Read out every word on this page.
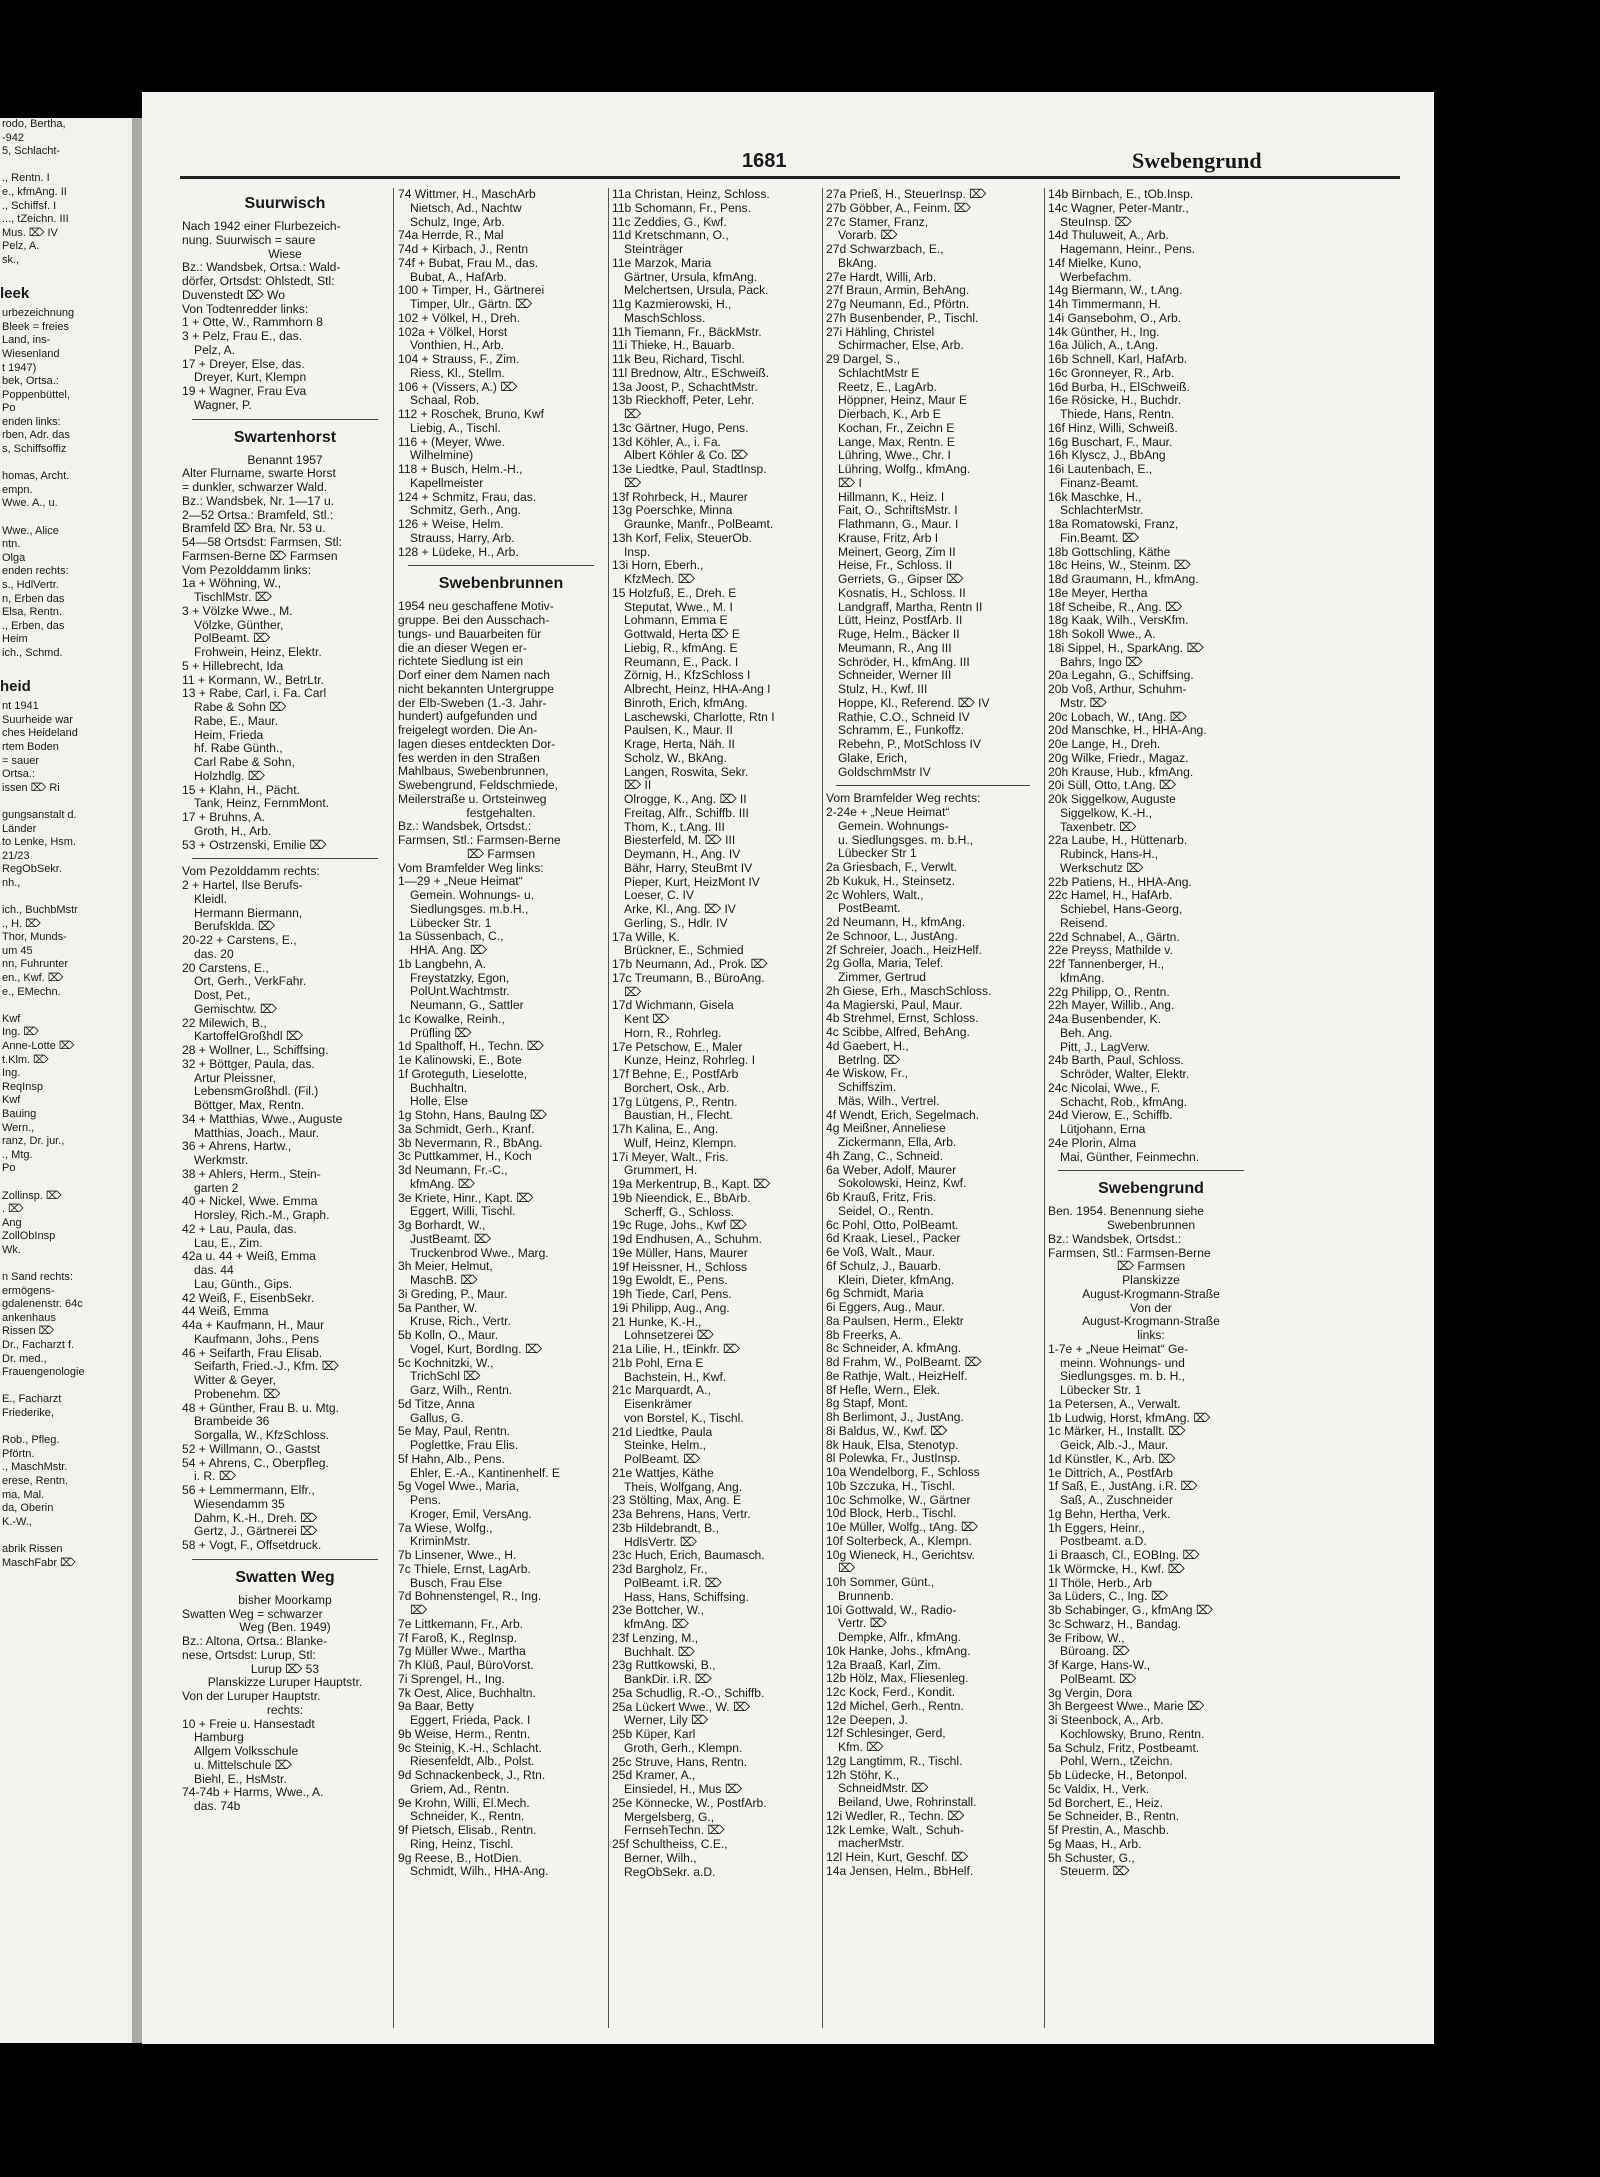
rodo, Bertha,
-942
5, Schlacht-

., Rentn. I
e., kfmAng. II
., Schiffsf. I
..., tZeichn. III
Mus. ⌦ IV
Pelz, A.
sk.,

leek
urbezeichnung
Bleek = freies
Land, ins-
Wiesenland
t 1947)
bek, Ortsa.:
Poppenbüttel,
Po
enden links:
rben, Adr. das
s, Schiffsoffiz

homas, Archt.
empn.
Wwe. A., u.

Wwe., Alice
ntn.
Olga
enden rechts:
s., HdlVertr.
n, Erben das
Elsa, Rentn.
., Erben, das
Heim
ich., Schmd.

heid
nt 1941
Suurheide war
ches Heideland
rtem Boden
= sauer
Ortsa.:
issen ⌦ Ri

gungsanstalt d.
Länder
to Lenke, Hsm.
21/23
RegObSekr.
nh.,

ich., BuchbMstr
., H. ⌦
Thor, Munds-
um 45
nn, Fuhrunter
en., Kwf. ⌦
e., EMechn.

Kwf
Ing. ⌦
Anne-Lotte ⌦
t.Klm. ⌦
Ing.
ReqInsp
Kwf
Bauing
Wern.,
ranz, Dr. jur.,
., Mtg.
Po

Zollinsp. ⌦
. ⌦
Ang
ZollObInsp
Wk.

n Sand rechts:
ermögens-
gdalenenstr. 64c
ankenhaus
Rissen ⌦
Dr., Facharzt f.
Dr. med.,
Frauengenologie

E., Facharzt
Friederike,

Rob., Pfleg.
Pförtn.
., MaschMstr.
erese, Rentn.
ma, Mal.
da, Oberin
K.-W.,

abrik Rissen
MaschFabr ⌦
1681	Swebengrund
Suurwisch
Nach 1942 einer Flurbezeich-
nung. Suurwisch = saure
Wiese
Bz.: Wandsbek, Ortsa.: Wald-
dörfer, Ortsdst: Ohlstedt, Stl:
Duvenstedt ⌦ Wo
Von Todtenredder links:
1 + Otte, W., Rammhorn 8
3 + Pelz, Frau E., das.
Pelz, A.
17 + Dreyer, Else, das.
Dreyer, Kurt, Klempn
19 + Wagner, Frau Eva
Wagner, P.
Swartenhorst
Benannt 1957
Alter Flurname, swarte Horst
= dunkler, schwarzer Wald.
Bz.: Wandsbek, Nr. 1—17 u.
2—52 Ortsa.: Bramfeld, Stl.:
Bramfeld ⌦ Bra. Nr. 53 u.
54—58 Ortsdst: Farmsen, Stl:
Farmsen-Berne ⌦ Farmsen
Vom Pezolddamm links:
1a + Wöhning, W.,
TischlMstr. ⌦
3 + Völzke Wwe., M.
Völzke, Günther,
PolBeamt. ⌦
Frohwein, Heinz, Elektr.
5 + Hillebrecht, Ida
11 + Kormann, W., BetrLtr.
13 + Rabe, Carl, i. Fa. Carl
Rabe & Sohn ⌦
Rabe, E., Maur.
Heim, Frieda
hf. Rabe Günth.,
Carl Rabe & Sohn,
Holzhdlg. ⌦
15 + Klahn, H., Pächt.
Tank, Heinz, FernmMont.
17 + Bruhns, A.
Groth, H., Arb.
53 + Ostrzenski, Emilie ⌦
Vom Pezolddamm rechts:
2 + Hartel, Ilse Berufs-
Kleidl.
Hermann Biermann,
Berufsklda. ⌦
20-22 + Carstens, E.,
das. 20
20 Carstens, E.,
Ort, Gerh., VerkFahr.
Dost, Pet.,
Gemischtw. ⌦
22 Milewich, B.,
KartoffelGroßhdl ⌦
28 + Wollner, L., Schiffsing.
32 + Böttger, Paula, das.
Artur Pleissner,
LebensmGroßhdl. (Fil.)
Böttger, Max, Rentn.
34 + Matthias, Wwe., Auguste
Matthias, Joach., Maur.
36 + Ahrens, Hartw.,
Werkmstr.
38 + Ahlers, Herm., Stein-
garten 2
40 + Nickel, Wwe. Emma
Horsley, Rich.-M., Graph.
42 + Lau, Paula, das.
Lau, E., Zim.
42a u. 44 + Weiß, Emma
das. 44
Lau, Günth., Gips.
42 Weiß, F., EisenbSekr.
44 Weiß, Emma
44a + Kaufmann, H., Maur
Kaufmann, Johs., Pens
46 + Seifarth, Frau Elisab.
Seifarth, Fried.-J., Kfm. ⌦
Witter & Geyer,
Probenehm. ⌦
48 + Günther, Frau B. u. Mtg.
Brambeide 36
Sorgalla, W., KfzSchloss.
52 + Willmann, O., Gastst
54 + Ahrens, C., Oberpfleg.
i. R. ⌦
56 + Lemmermann, Elfr.,
Wiesendamm 35
Dahm, K.-H., Dreh. ⌦
Gertz, J., Gärtnerei ⌦
58 + Vogt, F., Offsetdruck.
Swatten Weg
bisher Moorkamp
Swatten Weg = schwarzer
Weg (Ben. 1949)
Bz.: Altona, Ortsa.: Blanke-
nese, Ortsdst: Lurup, Stl:
Lurup ⌦ 53
Planskizze Luruper Hauptstr.
Von der Luruper Hauptstr.
rechts:
10 + Freie u. Hansestadt
Hamburg
Allgem Volksschule
u. Mittelschule ⌦
Biehl, E., HsMstr.
74-74b + Harms, Wwe., A.
das. 74b
74 Wittmer, H., MaschArb
Nietsch, Ad., Nachtw
Schulz, Inge, Arb.
74a Herrde, R., Mal
74d + Kirbach, J., Rentn
74f + Bubat, Frau M., das.
Bubat, A., HafArb.
100 + Timper, H., Gärtnerei
Timper, Ulr., Gärtn. ⌦
102 + Völkel, H., Dreh.
102a + Völkel, Horst
Vonthien, H., Arb.
104 + Strauss, F., Zim.
Riess, Kl., Stellm.
106 + (Vissers, A.) ⌦
Schaal, Rob.
112 + Roschek, Bruno, Kwf
Liebig, A., Tischl.
116 + (Meyer, Wwe.
Wilhelmine)
118 + Busch, Helm.-H.,
Kapellmeister
124 + Schmitz, Frau, das.
Schmitz, Gerh., Ang.
126 + Weise, Helm.
Strauss, Harry, Arb.
128 + Lüdeke, H., Arb.
Swebenbrunnen
1954 neu geschaffene Motiv-
gruppe. Bei den Ausschach-
tungs- und Bauarbeiten für
die an dieser Wegen er-
richtete Siedlung ist ein
Dorf einer dem Namen nach
nicht bekannten Untergruppe
der Elb-Sweben (1.-3. Jahr-
hundert) aufgefunden und
freigelegt worden. Die An-
lagen dieses entdeckten Dor-
fes werden in den Straßen
Mahlbaus, Swebenbrunnen,
Swebengrund, Feldschmiede,
Meilerstraße u. Ortsteinweg
festgehalten.
Bz.: Wandsbek, Ortsdst.:
Farmsen, Stl.: Farmsen-Berne
⌦ Farmsen
Vom Bramfelder Weg links:
1—29 + „Neue Heimat“
Gemein. Wohnungs- u.
Siedlungsges. m.b.H.,
Lübecker Str. 1
1a Süssenbach, C.,
HHA. Ang. ⌦
1b Langbehn, A.
Freystatzky, Egon,
PolUnt.Wachtmstr.
Neumann, G., Sattler
1c Kowalke, Reinh.,
Prüfling ⌦
1d Spalthoff, H., Techn. ⌦
1e Kalinowski, E., Bote
1f Groteguth, Lieselotte,
Buchhaltn.
Holle, Else
1g Stohn, Hans, BauIng ⌦
3a Schmidt, Gerh., Kranf.
3b Nevermann, R., BbAng.
3c Puttkammer, H., Koch
3d Neumann, Fr.-C.,
kfmAng. ⌦
3e Kriete, Hinr., Kapt. ⌦
Eggert, Willi, Tischl.
3g Borhardt, W.,
JustBeamt. ⌦
Truckenbrod Wwe., Marg.
3h Meier, Helmut,
MaschB. ⌦
3i Greding, P., Maur.
5a Panther, W.
Kruse, Rich., Vertr.
5b Kolln, O., Maur.
Vogel, Kurt, BordIng. ⌦
5c Kochnitzki, W.,
TrichSchl ⌦
Garz, Wilh., Rentn.
5d Titze, Anna
Gallus, G.
5e May, Paul, Rentn.
Poglettke, Frau Elis.
5f Hahn, Alb., Pens.
Ehler, E.-A., Kantinenhelf. E
5g Vogel Wwe., Maria,
Pens.
Kroger, Emil, VersAng.
7a Wiese, Wolfg.,
KriminMstr.
7b Linsener, Wwe., H.
7c Thiele, Ernst, LagArb.
Busch, Frau Else
7d Bohnenstengel, R., Ing.
⌦
7e Littkemann, Fr., Arb.
7f Faroß, K., RegInsp.
7g Müller Wwe., Martha
7h Klüß, Paul, BüroVorst.
7i Sprengel, H., Ing.
7k Oest, Alice, Buchhaltn.
9a Baar, Betty
Eggert, Frieda, Pack. I
9b Weise, Herm., Rentn.
9c Steinig, K.-H., Schlacht.
Riesenfeldt, Alb., Polst.
9d Schnackenbeck, J., Rtn.
Griem, Ad., Rentn.
9e Krohn, Willi, El.Mech.
Schneider, K., Rentn.
9f Pietsch, Elisab., Rentn.
Ring, Heinz, Tischl.
9g Reese, B., HotDien.
Schmidt, Wilh., HHA-Ang.
11a Christan, Heinz, Schloss.
11b Schomann, Fr., Pens.
11c Zeddies, G., Kwf.
11d Kretschmann, O.,
Steinträger
11e Marzok, Maria
Gärtner, Ursula, kfmAng.
Melchertsen, Ursula, Pack.
11g Kazmierowski, H.,
MaschSchloss.
11h Tiemann, Fr., BäckMstr.
11i Thieke, H., Bauarb.
11k Beu, Richard, Tischl.
11l Brednow, Altr., ESchweiß.
13a Joost, P., SchachtMstr.
13b Rieckhoff, Peter, Lehr.
⌦
13c Gärtner, Hugo, Pens.
13d Köhler, A., i. Fa.
Albert Köhler & Co. ⌦
13e Liedtke, Paul, StadtInsp.
⌦
13f Rohrbeck, H., Maurer
13g Poerschke, Minna
Graunke, Manfr., PolBeamt.
13h Korf, Felix, SteuerOb.
Insp.
13i Horn, Eberh.,
KfzMech. ⌦
15 Holzfuß, E., Dreh. E
Steputat, Wwe., M. I
Lohmann, Emma E
Gottwald, Herta ⌦ E
Liebig, R., kfmAng. E
Reumann, E., Pack. I
Zörnig, H., KfzSchloss I
Albrecht, Heinz, HHA-Ang I
Binroth, Erich, kfmAng.
Laschewski, Charlotte, Rtn I
Paulsen, K., Maur. II
Krage, Herta, Näh. II
Scholz, W., BkAng.
Langen, Roswita, Sekr.
⌦ II
Olrogge, K., Ang. ⌦ II
Freitag, Alfr., Schiffb. III
Thom, K., t.Ang. III
Biesterfeld, M. ⌦ III
Deymann, H., Ang. IV
Bähr, Harry, SteuBmt IV
Pieper, Kurt, HeizMont IV
Loeser, C. IV
Arke, Kl., Ang. ⌦ IV
Gerling, S., Hdlr. IV
17a Wille, K.
Brückner, E., Schmied
17b Neumann, Ad., Prok. ⌦
17c Treumann, B., BüroAng.
⌦
17d Wichmann, Gisela
Kent ⌦
Horn, R., Rohrleg.
17e Petschow, E., Maler
Kunze, Heinz, Rohrleg. I
17f Behne, E., PostfArb
Borchert, Osk., Arb.
17g Lütgens, P., Rentn.
Baustian, H., Flecht.
17h Kalina, E., Ang.
Wulf, Heinz, Klempn.
17i Meyer, Walt., Fris.
Grummert, H.
19a Merkentrup, B., Kapt. ⌦
19b Nieendick, E., BbArb.
Scherff, G., Schloss.
19c Ruge, Johs., Kwf ⌦
19d Endhusen, A., Schuhm.
19e Müller, Hans, Maurer
19f Heissner, H., Schloss
19g Ewoldt, E., Pens.
19h Tiede, Carl, Pens.
19i Philipp, Aug., Ang.
21 Hunke, K.-H.,
Lohnsetzerei ⌦
21a Lilie, H., tEinkfr. ⌦
21b Pohl, Erna E
Bachstein, H., Kwf.
21c Marquardt, A.,
Eisenkrämer
von Borstel, K., Tischl.
21d Liedtke, Paula
Steinke, Helm.,
PolBeamt. ⌦
21e Wattjes, Käthe
Theis, Wolfgang, Ang.
23 Stölting, Max, Ang. E
23a Behrens, Hans, Vertr.
23b Hildebrandt, B.,
HdlsVertr. ⌦
23c Huch, Erich, Baumasch.
23d Bargholz, Fr.,
PolBeamt. i.R. ⌦
Hass, Hans, Schiffsing.
23e Bottcher, W.,
kfmAng. ⌦
23f Lenzing, M.,
Buchhalt. ⌦
23g Ruttkowski, B.,
BankDir. i.R. ⌦
25a Schudlig, R.-O., Schiffb.
25a Lückert Wwe., W. ⌦
Werner, Lily ⌦
25b Küper, Karl
Groth, Gerh., Klempn.
25c Struve, Hans, Rentn.
25d Kramer, A.,
Einsiedel, H., Mus ⌦
25e Könnecke, W., PostfArb.
Mergelsberg, G.,
FernsehTechn. ⌦
25f Schultheiss, C.E.,
Berner, Wilh.,
RegObSekr. a.D.
27a Prieß, H., SteuerInsp. ⌦
27b Göbber, A., Feinm. ⌦
27c Stamer, Franz,
Vorarb. ⌦
27d Schwarzbach, E.,
BkAng.
27e Hardt, Willi, Arb.
27f Braun, Armin, BehAng.
27g Neumann, Ed., Pförtn.
27h Busenbender, P., Tischl.
27i Hähling, Christel
Schirmacher, Else, Arb.
29 Dargel, S.,
SchlachtMstr E
Reetz, E., LagArb.
Höppner, Heinz, Maur E
Dierbach, K., Arb E
Kochan, Fr., Zeichn E
Lange, Max, Rentn. E
Lühring, Wwe., Chr. I
Lühring, Wolfg., kfmAng.
⌦ I
Hillmann, K., Heiz. I
Fait, O., SchriftsMstr. I
Flathmann, G., Maur. I
Krause, Fritz, Arb I
Meinert, Georg, Zim II
Heise, Fr., Schloss. II
Gerriets, G., Gipser ⌦
Kosnatis, H., Schloss. II
Landgraff, Martha, Rentn II
Lütt, Heinz, PostfArb. II
Ruge, Helm., Bäcker II
Meumann, R., Ang III
Schröder, H., kfmAng. III
Schneider, Werner III
Stulz, H., Kwf. III
Hoppe, Kl., Referend. ⌦ IV
Rathie, C.O., Schneid IV
Schramm, E., Funkoffz.
Rebehn, P., MotSchloss IV
Glake, Erich,
GoldschmMstr IV
Vom Bramfelder Weg rechts:
2-24e + „Neue Heimat“
Gemein. Wohnungs-
u. Siedlungsges. m. b.H.,
Lübecker Str 1
2a Griesbach, F., Verwlt.
2b Kukuk, H., Steinsetz.
2c Wohlers, Walt.,
PostBeamt.
2d Neumann, H., kfmAng.
2e Schnoor, L., JustAng.
2f Schreier, Joach., HeizHelf.
2g Golla, Maria, Telef.
Zimmer, Gertrud
2h Giese, Erh., MaschSchloss.
4a Magierski, Paul, Maur.
4b Strehmel, Ernst, Schloss.
4c Scibbe, Alfred, BehAng.
4d Gaebert, H.,
Betrlng. ⌦
4e Wiskow, Fr.,
Schiffszim.
Mäs, Wilh., Vertrel.
4f Wendt, Erich, Segelmach.
4g Meißner, Anneliese
Zickermann, Ella, Arb.
4h Zang, C., Schneid.
6a Weber, Adolf, Maurer
Sokolowski, Heinz, Kwf.
6b Krauß, Fritz, Fris.
Seidel, O., Rentn.
6c Pohl, Otto, PolBeamt.
6d Kraak, Liesel., Packer
6e Voß, Walt., Maur.
6f Schulz, J., Bauarb.
Klein, Dieter, kfmAng.
6g Schmidt, Maria
6i Eggers, Aug., Maur.
8a Paulsen, Herm., Elektr
8b Freerks, A.
8c Schneider, A. kfmAng.
8d Frahm, W., PolBeamt. ⌦
8e Rathje, Walt., HeizHelf.
8f Hefle, Wern., Elek.
8g Stapf, Mont.
8h Berlimont, J., JustAng.
8i Baldus, W., Kwf. ⌦
8k Hauk, Elsa, Stenotyp.
8l Polewka, Fr., JustInsp.
10a Wendelborg, F., Schloss
10b Szczuka, H., Tischl.
10c Schmolke, W., Gärtner
10d Block, Herb., Tischl.
10e Müller, Wolfg., tAng. ⌦
10f Solterbeck, A., Klempn.
10g Wieneck, H., Gerichtsv.
⌦
10h Sommer, Günt.,
Brunnenb.
10i Gottwald, W., Radio-
Vertr. ⌦
Dempke, Alfr., kfmAng.
10k Hanke, Johs., kfmAng.
12a Braaß, Karl, Zim.
12b Hölz, Max, Fliesenleg.
12c Kock, Ferd., Kondit.
12d Michel, Gerh., Rentn.
12e Deepen, J.
12f Schlesinger, Gerd,
Kfm. ⌦
12g Langtimm, R., Tischl.
12h Stöhr, K.,
SchneidMstr. ⌦
Beiland, Uwe, Rohrinstall.
12i Wedler, R., Techn. ⌦
12k Lemke, Walt., Schuh-
macherMstr.
12l Hein, Kurt, Geschf. ⌦
14a Jensen, Helm., BbHelf.
14b Birnbach, E., tOb.Insp.
14c Wagner, Peter-Mantr.,
SteuInsp. ⌦
14d Thuluweit, A., Arb.
Hagemann, Heinr., Pens.
14f Mielke, Kuno,
Werbefachm.
14g Biermann, W., t.Ang.
14h Timmermann, H.
14i Gansebohm, O., Arb.
14k Günther, H., Ing.
16a Jülich, A., t.Ang.
16b Schnell, Karl, HafArb.
16c Gronneyer, R., Arb.
16d Burba, H., ElSchweiß.
16e Rösicke, H., Buchdr.
Thiede, Hans, Rentn.
16f Hinz, Willi, Schweiß.
16g Buschart, F., Maur.
16h Klyscz, J., BbAng
16i Lautenbach, E.,
Finanz-Beamt.
16k Maschke, H.,
SchlachterMstr.
18a Romatowski, Franz,
Fin.Beamt. ⌦
18b Gottschling, Käthe
18c Heins, W., Steinm. ⌦
18d Graumann, H., kfmAng.
18e Meyer, Hertha
18f Scheibe, R., Ang. ⌦
18g Kaak, Wilh., VersKfm.
18h Sokoll Wwe., A.
18i Sippel, H., SparkAng. ⌦
Bahrs, Ingo ⌦
20a Legahn, G., Schiffsing.
20b Voß, Arthur, Schuhm-
Mstr. ⌦
20c Lobach, W., tAng. ⌦
20d Manschke, H., HHA-Ang.
20e Lange, H., Dreh.
20g Wilke, Friedr., Magaz.
20h Krause, Hub., kfmAng.
20i Süll, Otto, t.Ang. ⌦
20k Siggelkow, Auguste
Siggelkow, K.-H.,
Taxenbetr. ⌦
22a Laube, H., Hüttenarb.
Rubinck, Hans-H.,
Werkschutz ⌦
22b Patiens, H., HHA-Ang.
22c Hamel, H., HafArb.
Schiebel, Hans-Georg,
Reisend.
22d Schnabel, A., Gärtn.
22e Preyss, Mathilde v.
22f Tannenberger, H.,
kfmAng.
22g Philipp, O., Rentn.
22h Mayer, Willib., Ang.
24a Busenbender, K.
Beh. Ang.
Pitt, J., LagVerw.
24b Barth, Paul, Schloss.
Schröder, Walter, Elektr.
24c Nicolai, Wwe., F.
Schacht, Rob., kfmAng.
24d Vierow, E., Schiffb.
Lütjohann, Erna
24e Plorin, Alma
Mai, Günther, Feinmechn.
Swebengrund
Ben. 1954. Benennung siehe
Swebenbrunnen
Bz.: Wandsbek, Ortsdst.:
Farmsen, Stl.: Farmsen-Berne
⌦ Farmsen
Planskizze
August-Krogmann-Straße
Von der
August-Krogmann-Straße
links:
1-7e + „Neue Heimat“ Ge-
meinn. Wohnungs- und
Siedlungsges. m. b. H.,
Lübecker Str. 1
1a Petersen, A., Verwalt.
1b Ludwig, Horst, kfmAng. ⌦
1c Märker, H., Installt. ⌦
Geick, Alb.-J., Maur.
1d Künstler, K., Arb. ⌦
1e Dittrich, A., PostfArb
1f Saß, E., JustAng. i.R. ⌦
Saß, A., Zuschneider
1g Behn, Hertha, Verk.
1h Eggers, Heinr.,
Postbeamt. a.D.
1i Braasch, Cl., EOBIng. ⌦
1k Wörmcke, H., Kwf. ⌦
1l Thöle, Herb., Arb
3a Lüders, C., Ing. ⌦
3b Schabinger, G., kfmAng ⌦
3c Schwarz, H., Bandag.
3e Fribow, W.,
Büroang. ⌦
3f Karge, Hans-W.,
PolBeamt. ⌦
3g Vergin, Dora
3h Bergeest Wwe., Marie ⌦
3i Steenbock, A., Arb.
Kochlowsky, Bruno, Rentn.
5a Schulz, Fritz, Postbeamt.
Pohl, Wern., tZeichn.
5b Lüdecke, H., Betonpol.
5c Valdix, H., Verk.
5d Borchert, E., Heiz.
5e Schneider, B., Rentn.
5f Prestin, A., Maschb.
5g Maas, H., Arb.
5h Schuster, G.,
Steuerm. ⌦
